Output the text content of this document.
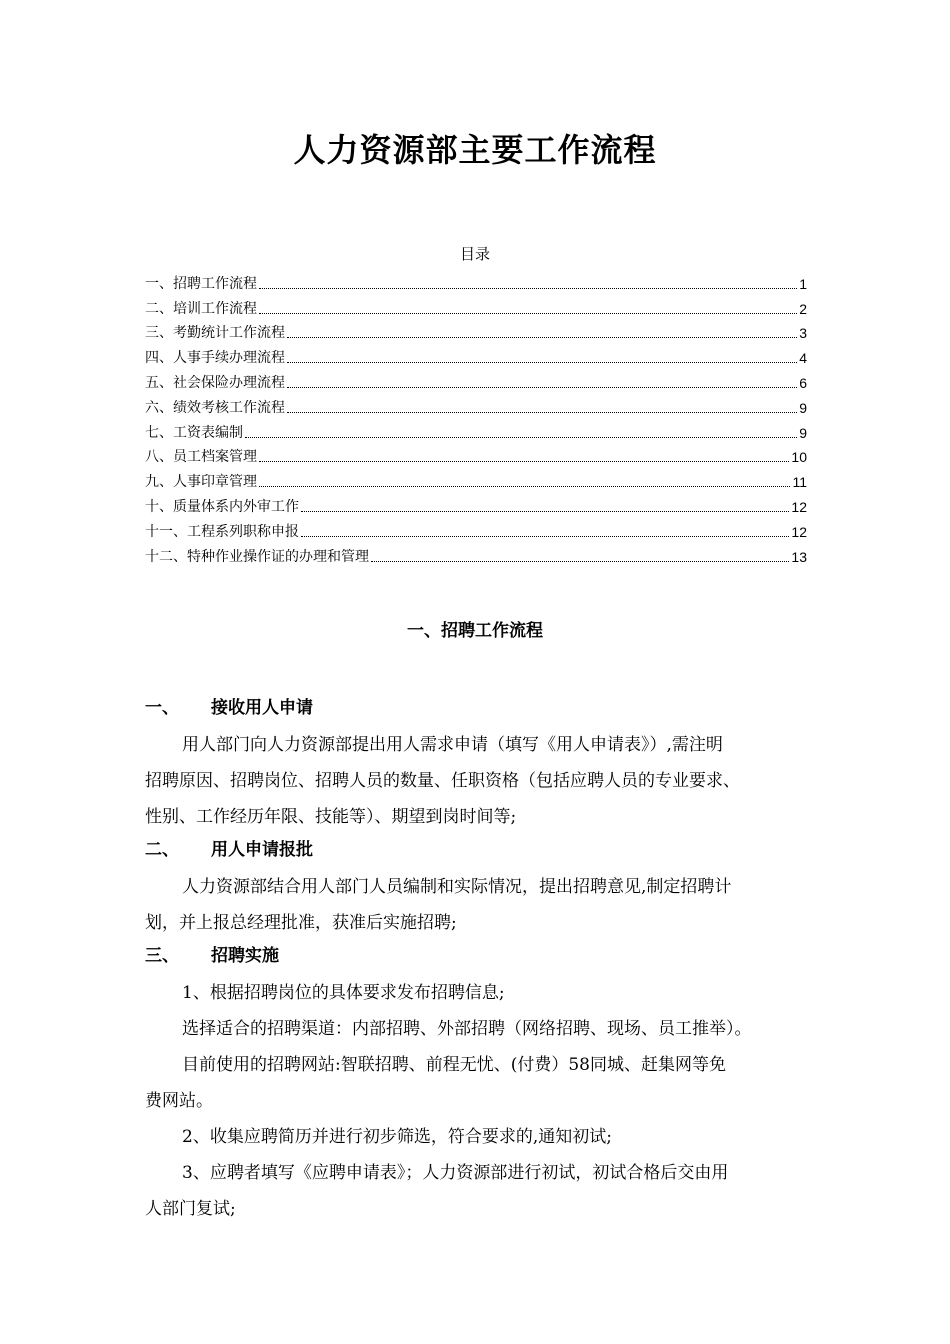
人力资源部主要工作流程
目录
一、招聘工作流程	1
二、培训工作流程	2
三、考勤统计工作流程	3
四、人事手续办理流程	4
五、社会保险办理流程	6
六、绩效考核工作流程	9
七、工资表编制	9
八、员工档案管理	10
九、人事印章管理	11
十、质量体系内外审工作	12
十一、工程系列职称申报	12
十二、特种作业操作证的办理和管理	13
一、招聘工作流程
一、 接收用人申请

用人部门向人力资源部提出用人需求申请（填写《用人申请表》）,需注明

招聘原因、招聘岗位、招聘人员的数量、任职资格（包括应聘人员的专业要求、

性别、工作经历年限、技能等）、期望到岗时间等;

二、 用人申请报批

人力资源部结合用人部门人员编制和实际情况，提出招聘意见,制定招聘计

划，并上报总经理批准，获准后实施招聘;

三、 招聘实施

1、根据招聘岗位的具体要求发布招聘信息;

选择适合的招聘渠道：内部招聘、外部招聘（网络招聘、现场、员工推举）。

目前使用的招聘网站:智联招聘、前程无忧、(付费）58同城、赶集网等免

费网站。

2、收集应聘简历并进行初步筛选，符合要求的,通知初试;

3、应聘者填写《应聘申请表》；人力资源部进行初试，初试合格后交由用

人部门复试;
